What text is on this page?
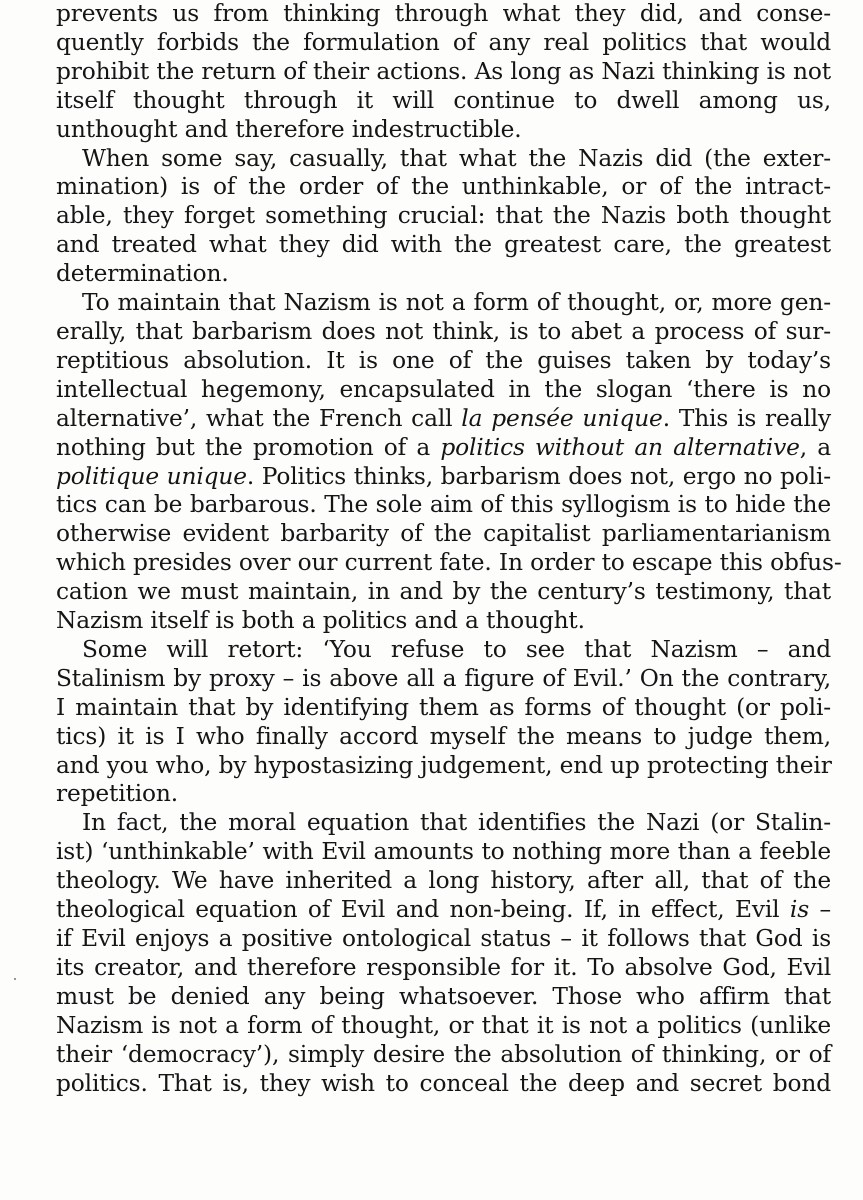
prevents us from thinking through what they did, and conse-
quently forbids the formulation of any real politics that would
prohibit the return of their actions. As long as Nazi thinking is not
itself thought through it will continue to dwell among us,
unthought and therefore indestructible.

When some say, casually, that what the Nazis did (the exter-
mination) is of the order of the unthinkable, or of the intract-
able, they forget something crucial: that the Nazis both thought
and treated what they did with the greatest care, the greatest
determination.

To maintain that Nazism is not a form of thought, or, more gen-
erally, that barbarism does not think, is to abet a process of sur-
reptitious absolution. It is one of the guises taken by today’s
intellectual hegemony, encapsulated in the slogan ‘there is no
alternative’, what the French call la pensée unique. This is really
nothing but the promotion of a politics without an alternative, a
politique unique. Politics thinks, barbarism does not, ergo no poli-
tics can be barbarous. The sole aim of this syllogism is to hide the
otherwise evident barbarity of the capitalist parliamentarianism
which presides over our current fate. In order to escape this obfus-
cation we must maintain, in and by the century’s testimony, that
Nazism itself is both a politics and a thought.

Some will retort: ‘You refuse to see that Nazism – and
Stalinism by proxy – is above all a figure of Evil.’ On the contrary,
I maintain that by identifying them as forms of thought (or poli-
tics) it is I who finally accord myself the means to judge them,
and you who, by hypostasizing judgement, end up protecting their
repetition.

In fact, the moral equation that identifies the Nazi (or Stalin-
ist) ‘unthinkable’ with Evil amounts to nothing more than a feeble
theology. We have inherited a long history, after all, that of the
theological equation of Evil and non-being. If, in effect, Evil is –
if Evil enjoys a positive ontological status – it follows that God is
its creator, and therefore responsible for it. To absolve God, Evil
must be denied any being whatsoever. Those who affirm that
Nazism is not a form of thought, or that it is not a politics (unlike
their ‘democracy’), simply desire the absolution of thinking, or of
politics. That is, they wish to conceal the deep and secret bond
